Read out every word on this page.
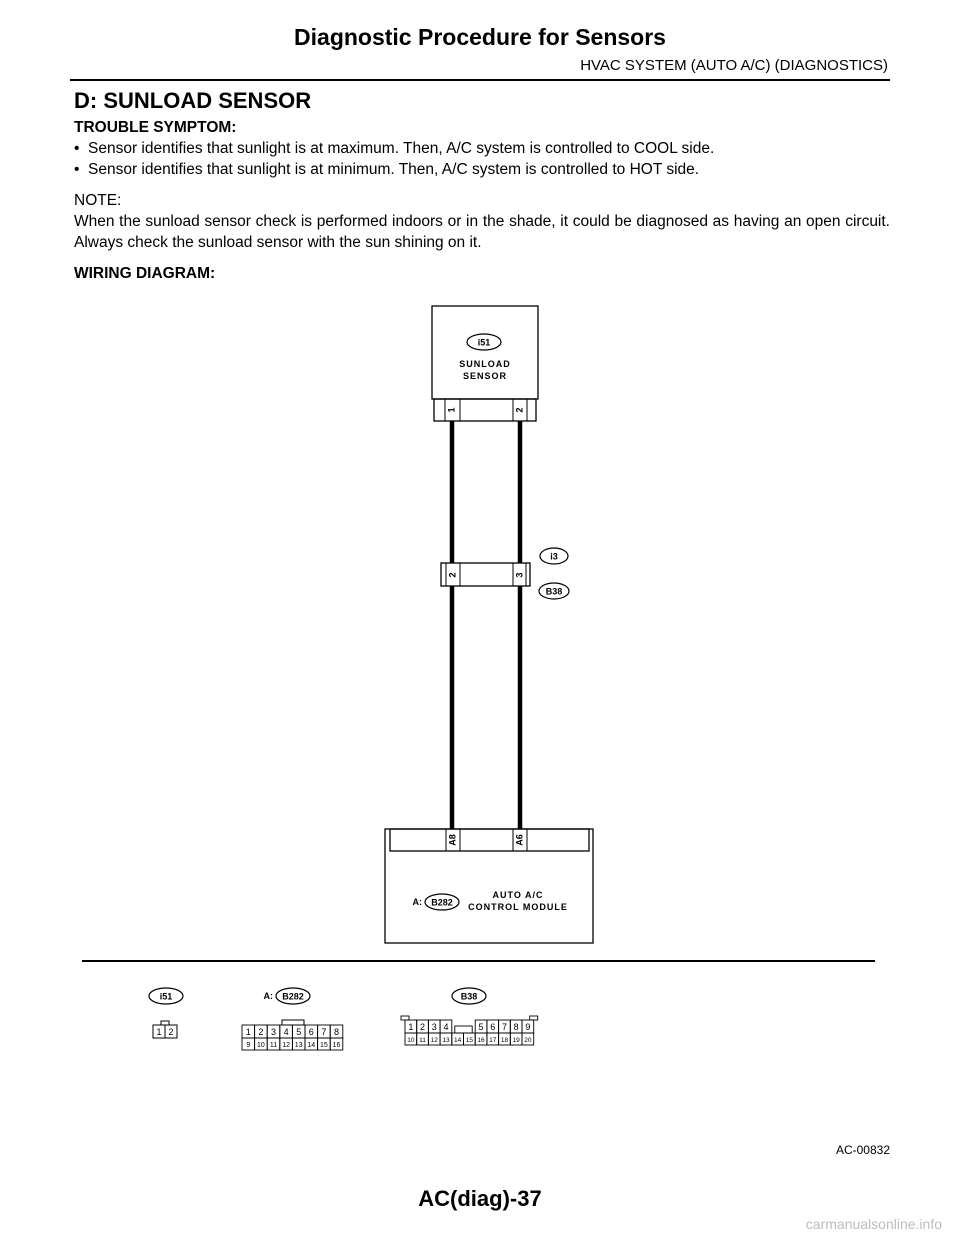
Diagnostic Procedure for Sensors
HVAC SYSTEM (AUTO A/C) (DIAGNOSTICS)
D: SUNLOAD SENSOR
TROUBLE SYMPTOM:
• Sensor identifies that sunlight is at maximum. Then, A/C system is controlled to COOL side.
• Sensor identifies that sunlight is at minimum. Then, A/C system is controlled to HOT side.
NOTE:
When the sunload sensor check is performed indoors or in the shade, it could be diagnosed as having an open circuit. Always check the sunload sensor with the sun shining on it.
WIRING DIAGRAM:
i51
SUNLOAD
SENSOR
1	2
2	3
i3
B38
A8	A6
A: B282
AUTO A/C
CONTROL MODULE
i51
1 2
A: B282
1 2 3 4 5 6 7 8
9 10 11 12 13 14 15 16
B38
1 2 3 4	5 6 7 8 9
10 11 12 13 14 15 16 17 18 19 20
AC-00832
AC(diag)-37
carmanualsonline.info
